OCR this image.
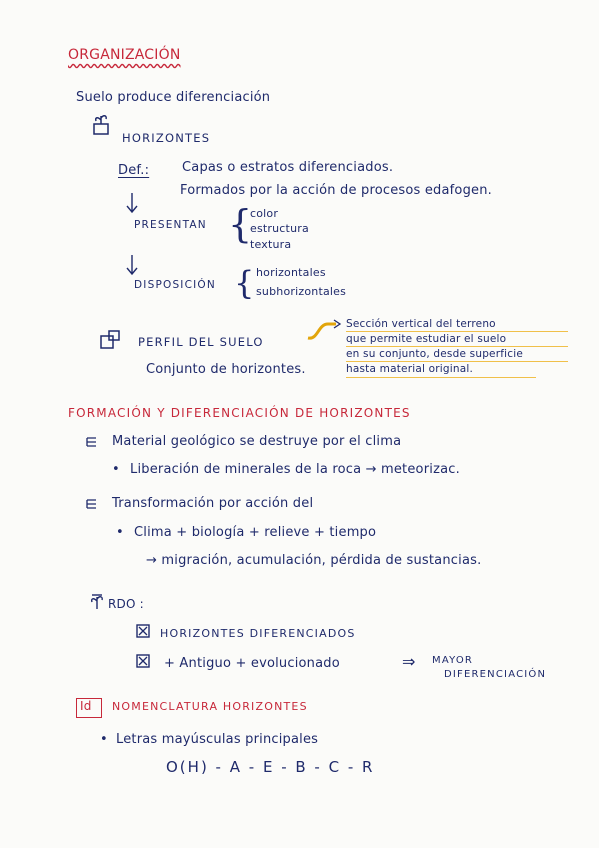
ORGANIZACIÓN
Suelo produce diferenciación
HORIZONTES
Def.:	Capas o estratos diferenciados.
Formados por la acción de procesos edafogen.
PRESENTAN {
color
estructura
textura
DISPOSICIÓN { horizontales
subhorizontales
PERFIL DEL SUELO
Conjunto de horizontes.
Sección vertical del terreno
que permite estudiar el suelo
en su conjunto, desde superficie
hasta material original.
FORMACIÓN Y DIFERENCIACIÓN DE HORIZONTES
Material geológico se destruye por el clima
• Liberación de minerales de la roca → meteorizac.
Transformación por acción del
• Clima + biología + relieve + tiempo
→ migración, acumulación, pérdida de sustancias.
RDO :
HORIZONTES DIFERENCIADOS
+ Antiguo + evolucionado	⇒ MAYOR
DIFERENCIACIÓN
Id NOMENCLATURA HORIZONTES
• Letras mayúsculas principales
O(H) - A - E - B - C - R
